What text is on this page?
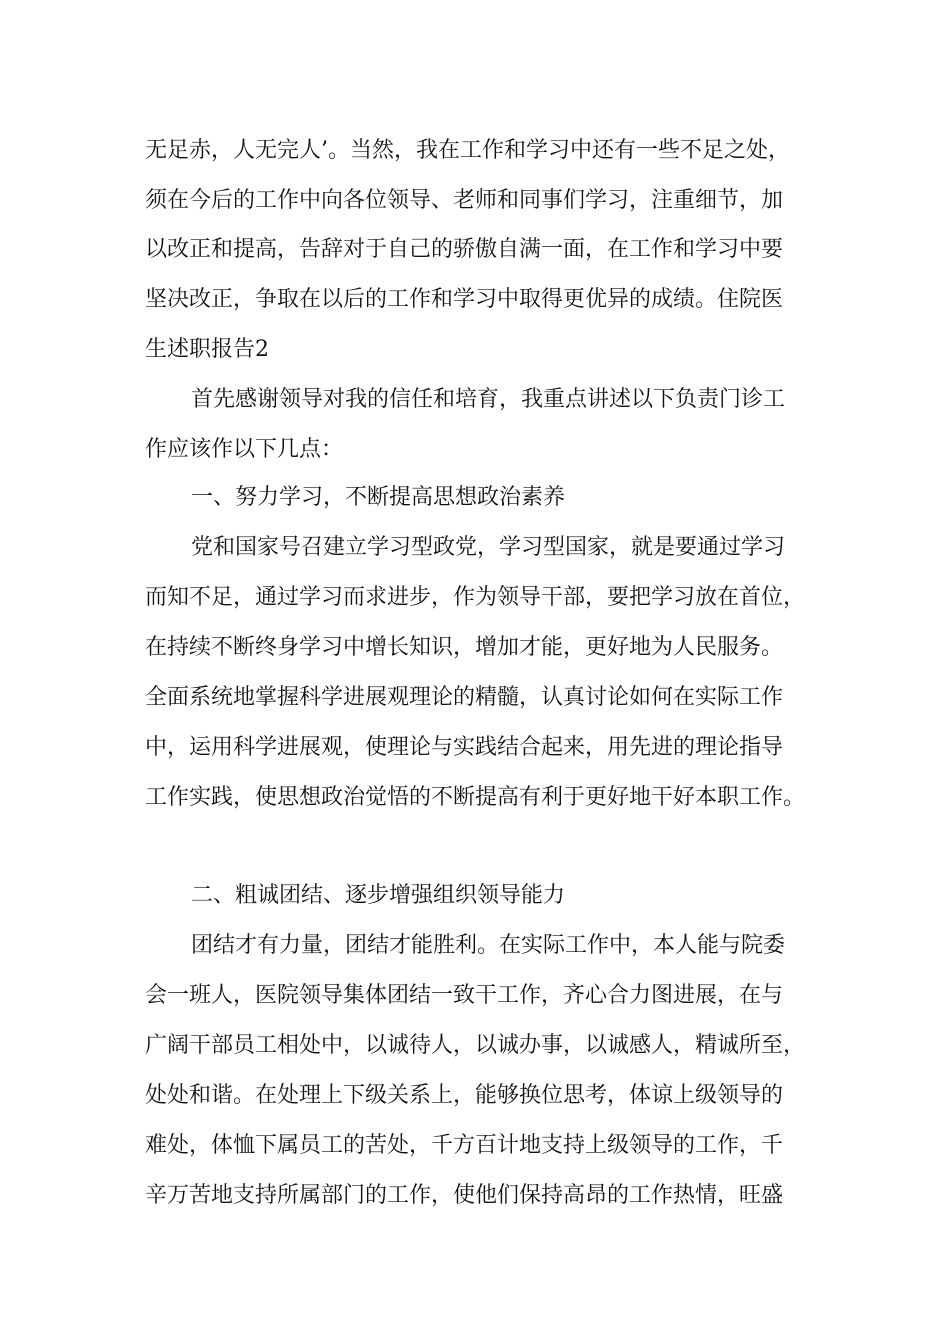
无足赤，人无完人’。当然，我在工作和学习中还有一些不足之处，
须在今后的工作中向各位领导、老师和同事们学习，注重细节，加
以改正和提高，告辞对于自己的骄傲自满一面，在工作和学习中要
坚决改正，争取在以后的工作和学习中取得更优异的成绩。住院医
生述职报告2
首先感谢领导对我的信任和培育，我重点讲述以下负责门诊工
作应该作以下几点：
一、努力学习，不断提高思想政治素养
党和国家号召建立学习型政党，学习型国家，就是要通过学习
而知不足，通过学习而求进步，作为领导干部，要把学习放在首位，
在持续不断终身学习中增长知识，增加才能，更好地为人民服务。
全面系统地掌握科学进展观理论的精髓，认真讨论如何在实际工作
中，运用科学进展观，使理论与实践结合起来，用先进的理论指导
工作实践，使思想政治觉悟的不断提高有利于更好地干好本职工作。
二、粗诚团结、逐步增强组织领导能力
团结才有力量，团结才能胜利。在实际工作中，本人能与院委
会一班人，医院领导集体团结一致干工作，齐心合力图进展，在与
广阔干部员工相处中，以诚待人，以诚办事，以诚感人，精诚所至，
处处和谐。在处理上下级关系上，能够换位思考，体谅上级领导的
难处，体恤下属员工的苦处，千方百计地支持上级领导的工作，千
辛万苦地支持所属部门的工作，使他们保持高昂的工作热情，旺盛
